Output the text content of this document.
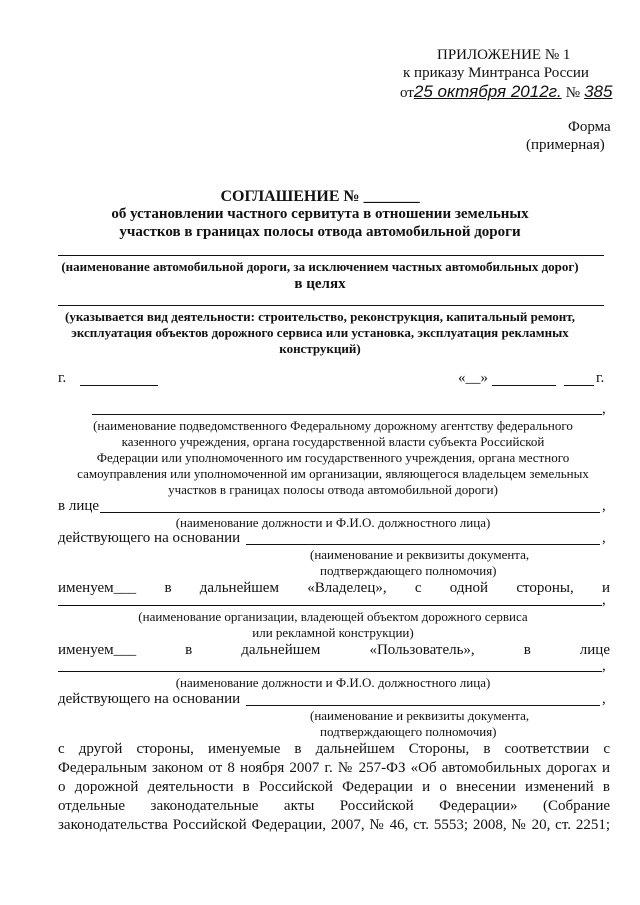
ПРИЛОЖЕНИЕ № 1
к приказу Минтранса России
от25 октября 2012г. № 385
Форма
(примерная)
СОГЛАШЕНИЕ № _______
об установлении частного сервитута в отношении земельных
участков в границах полосы отвода автомобильной дороги
(наименование автомобильной дороги, за исключением частных автомобильных дорог)
в целях
(указывается вид деятельности: строительство, реконструкция, капитальный ремонт,
эксплуатация объектов дорожного сервиса или установка, эксплуатация рекламных
конструкций)
г.	«__»	г.
,
(наименование подведомственного Федеральному дорожному агентству федерального
казенного учреждения, органа государственной власти субъекта Российской
Федерации или уполномоченного им государственного учреждения, органа местного
самоуправления или уполномоченной им организации, являющегося владельцем земельных
участков в границах полосы отвода автомобильной дороги)
в лице	,
(наименование должности и Ф.И.О. должностного лица)
действующего на основании	,
(наименование и реквизиты документа,
подтверждающего полномочия)
именуем___ в дальнейшем «Владелец», с одной стороны, и
,
(наименование организации, владеющей объектом дорожного сервиса
или рекламной конструкции)
именуем___	в	дальнейшем	«Пользователь»,	в	лице
,
(наименование должности и Ф.И.О. должностного лица)
действующего на основании	,
(наименование и реквизиты документа,
подтверждающего полномочия)
с другой стороны, именуемые в дальнейшем Стороны, в соответствии с
Федеральным законом от 8 ноября 2007 г. № 257-ФЗ «Об автомобильных дорогах и
о дорожной деятельности в Российской Федерации и о внесении изменений в
отдельные законодательные акты Российской Федерации» (Собрание
законодательства Российской Федерации, 2007, № 46, ст. 5553; 2008, № 20, ст. 2251;
